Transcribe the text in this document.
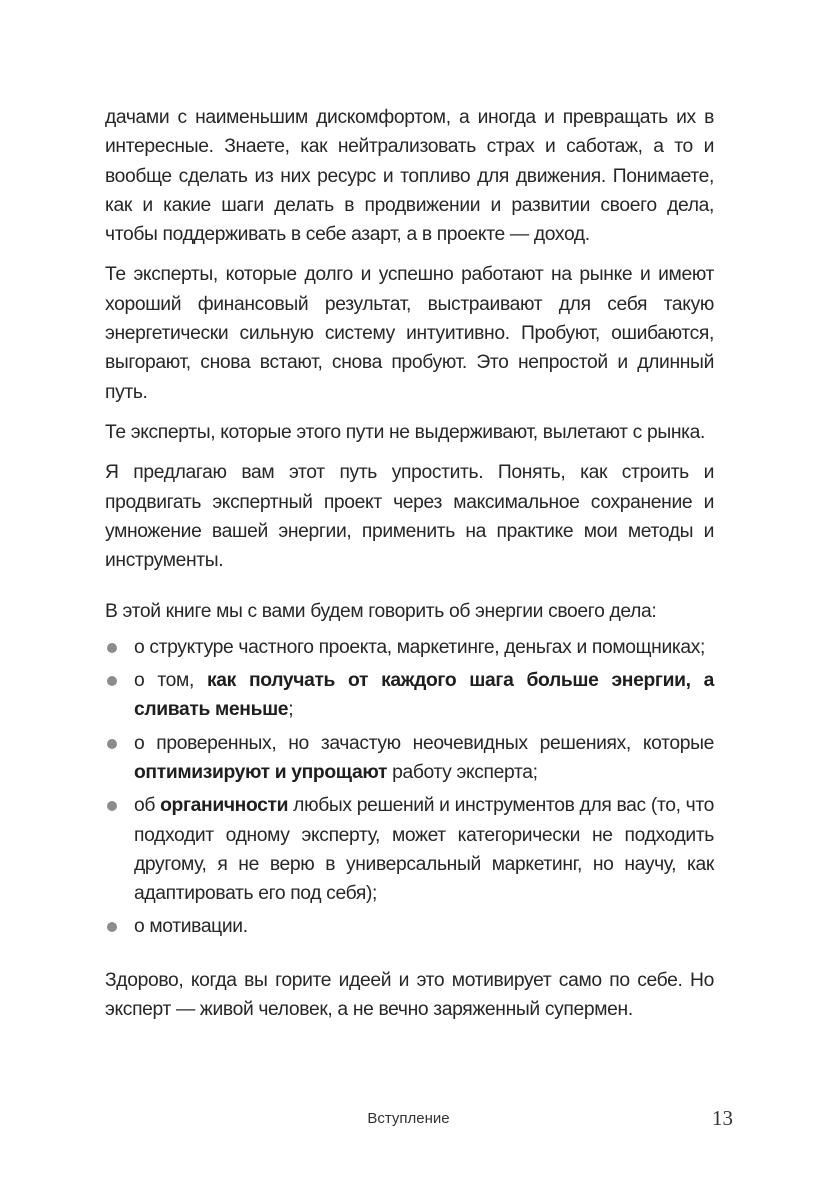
дачами с наименьшим дискомфортом, а иногда и превращать их в интересные. Знаете, как нейтрализовать страх и саботаж, а то и вообще сделать из них ресурс и топливо для движения. Понимаете, как и какие шаги делать в продвижении и развитии своего дела, чтобы поддерживать в себе азарт, а в проекте — доход.

Те эксперты, которые долго и успешно работают на рынке и имеют хороший финансовый результат, выстраивают для себя такую энергетически сильную систему интуитивно. Пробуют, ошибаются, выгорают, снова встают, снова пробуют. Это непростой и длинный путь.

Те эксперты, которые этого пути не выдерживают, вылетают с рынка.

Я предлагаю вам этот путь упростить. Понять, как строить и продвигать экспертный проект через максимальное сохранение и умножение вашей энергии, применить на практике мои методы и инструменты.

В этой книге мы с вами будем говорить об энергии своего дела:

о структуре частного проекта, маркетинге, деньгах и помощниках;
о том, как получать от каждого шага больше энергии, а сливать меньше;
о проверенных, но зачастую неочевидных решениях, которые оптимизируют и упрощают работу эксперта;
об органичности любых решений и инструментов для вас (то, что подходит одному эксперту, может категорически не подходить другому, я не верю в универсальный маркетинг, но научу, как адаптировать его под себя);
о мотивации.

Здорово, когда вы горите идеей и это мотивирует само по себе. Но эксперт — живой человек, а не вечно заряженный супермен.

Вступление	13
